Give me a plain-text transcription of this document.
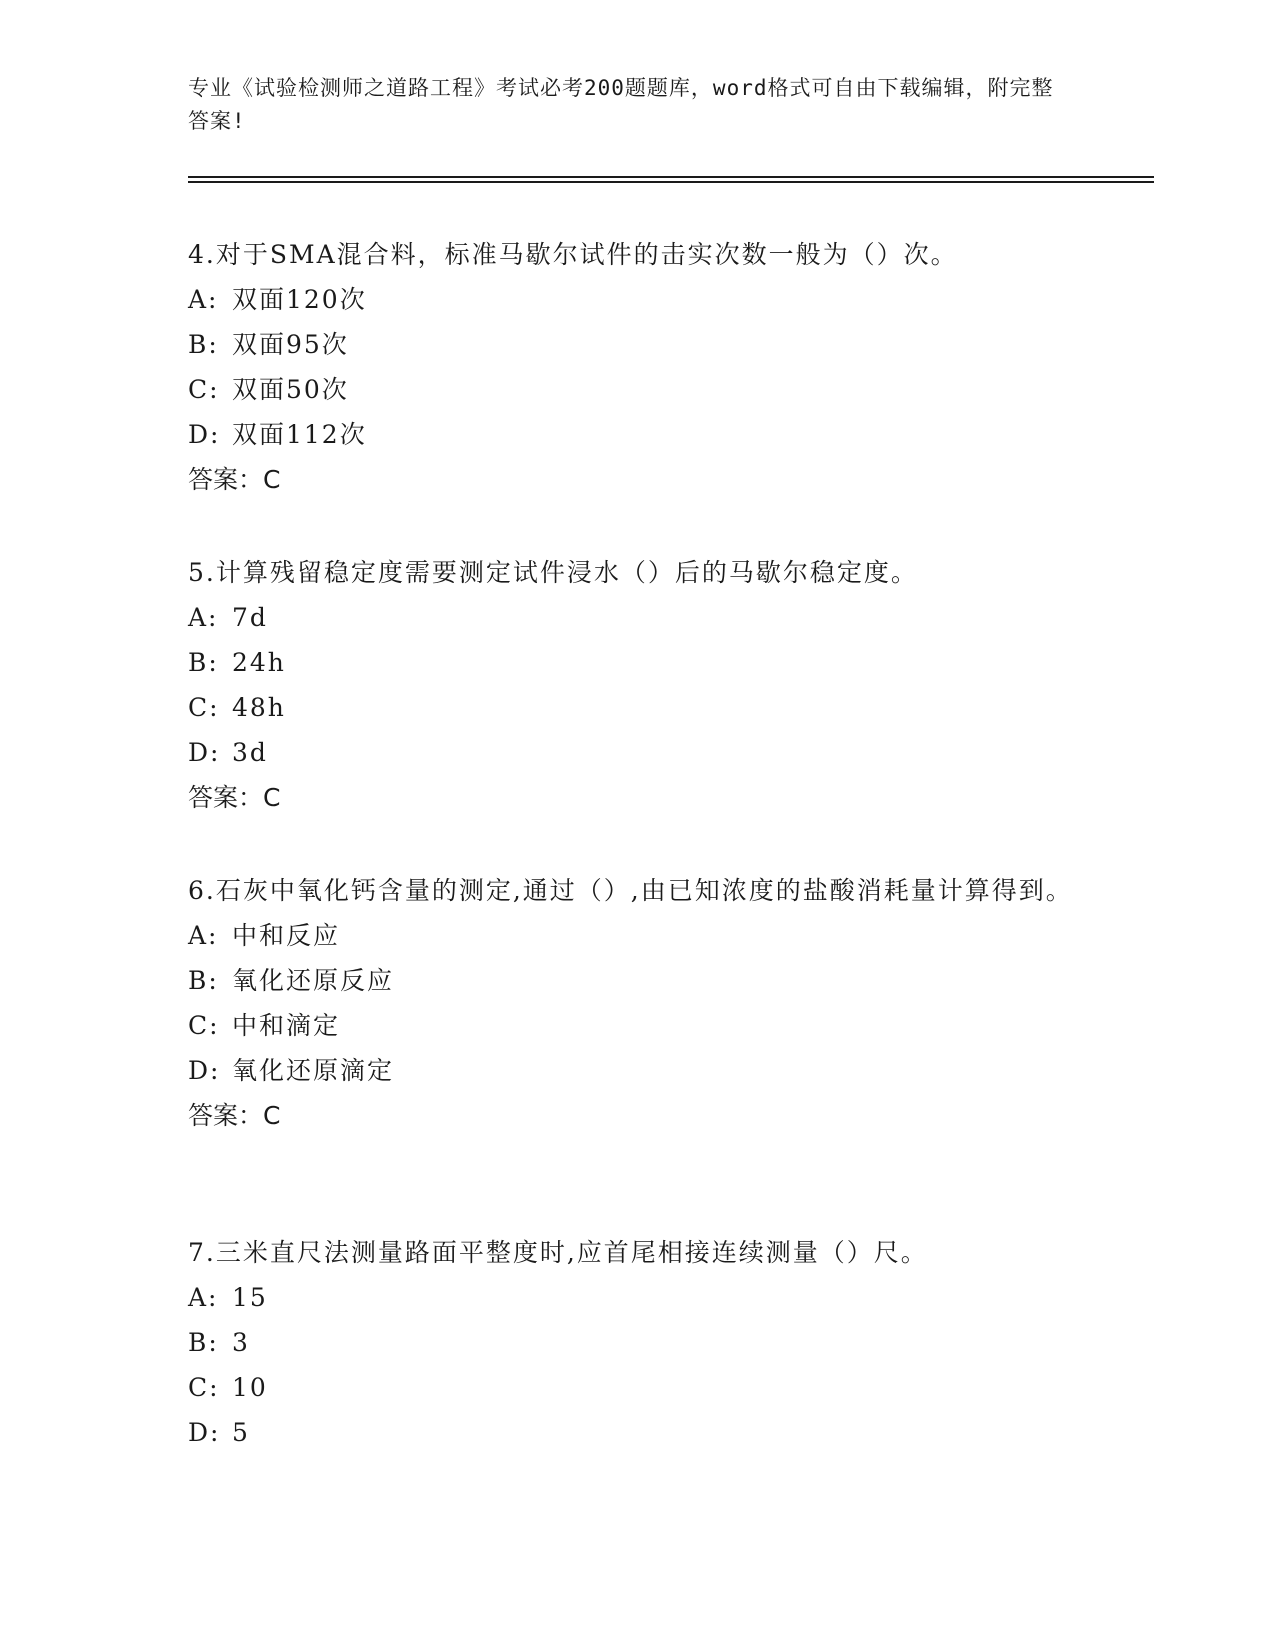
专业《试验检测师之道路工程》考试必考200题题库，word格式可自由下载编辑，附完整答案!

4.对于SMA混合料，标准马歇尔试件的击实次数一般为（）次。

A: 双面120次

B: 双面95次

C: 双面50次

D: 双面112次

答案：C

5.计算残留稳定度需要测定试件浸水（）后的马歇尔稳定度。

A: 7d

B: 24h

C: 48h

D: 3d

答案：C

6.石灰中氧化钙含量的测定,通过（）,由已知浓度的盐酸消耗量计算得到。

A: 中和反应

B: 氧化还原反应

C: 中和滴定

D: 氧化还原滴定

答案：C

7.三米直尺法测量路面平整度时,应首尾相接连续测量（）尺。

A: 15

B: 3

C: 10

D: 5
